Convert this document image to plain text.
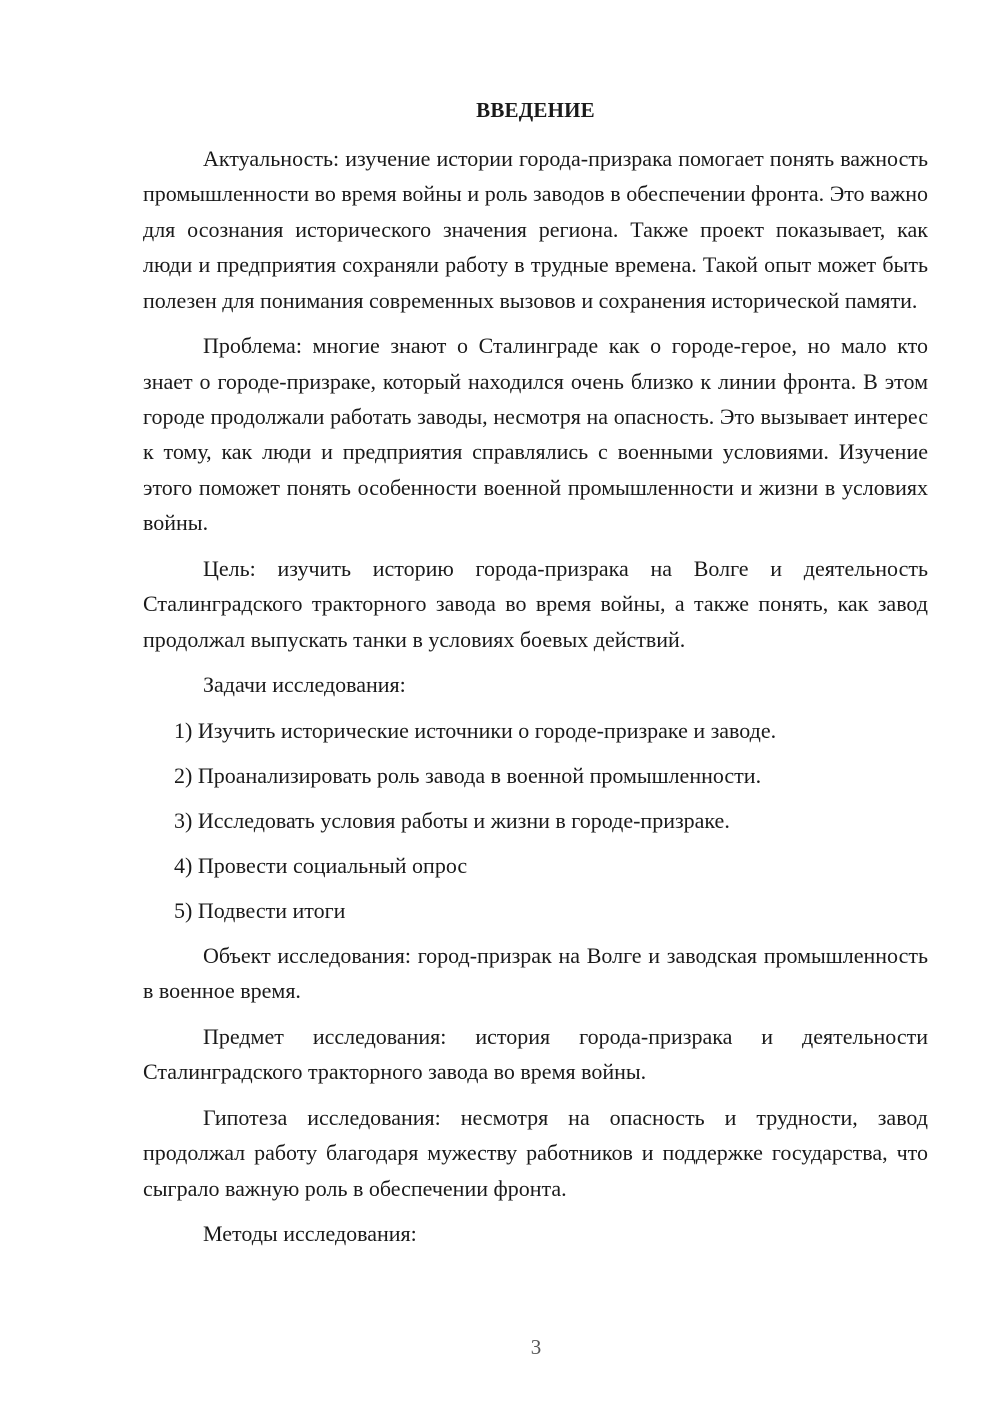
ВВЕДЕНИЕ

Актуальность: изучение истории города-призрака помогает понять важность промышленности во время войны и роль заводов в обеспечении фронта. Это важно для осознания исторического значения региона. Также проект показывает, как люди и предприятия сохраняли работу в трудные времена. Такой опыт может быть полезен для понимания современных вызовов и сохранения исторической памяти.

Проблема: многие знают о Сталинграде как о городе-герое, но мало кто знает о городе-призраке, который находился очень близко к линии фронта. В этом городе продолжали работать заводы, несмотря на опасность. Это вызывает интерес к тому, как люди и предприятия справлялись с военными условиями. Изучение этого поможет понять особенности военной промышленности и жизни в условиях войны.

Цель: изучить историю города-призрака на Волге и деятельность Сталинградского тракторного завода во время войны, а также понять, как завод продолжал выпускать танки в условиях боевых действий.

Задачи исследования:

1) Изучить исторические источники о городе-призраке и заводе.

2) Проанализировать роль завода в военной промышленности.

3) Исследовать условия работы и жизни в городе-призраке.

4) Провести социальный опрос

5) Подвести итоги

Объект исследования: город-призрак на Волге и заводская промышленность в военное время.

Предмет исследования: история города-призрака и деятельности Сталинградского тракторного завода во время войны.

Гипотеза исследования: несмотря на опасность и трудности, завод продолжал работу благодаря мужеству работников и поддержке государства, что сыграло важную роль в обеспечении фронта.

Методы исследования:

3
